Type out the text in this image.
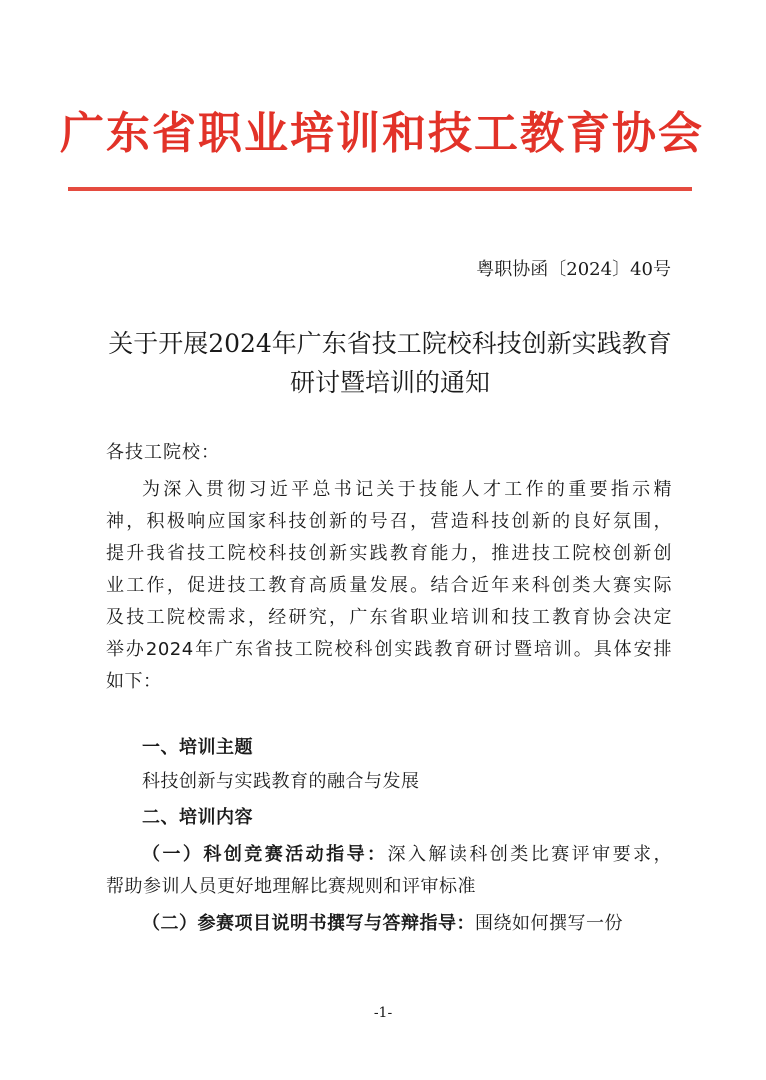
广东省职业培训和技工教育协会
粤职协函〔2024〕40号
关于开展2024年广东省技工院校科技创新实践教育
研讨暨培训的通知
各技工院校：
为深入贯彻习近平总书记关于技能人才工作的重要指示精
神，积极响应国家科技创新的号召，营造科技创新的良好氛围，
提升我省技工院校科技创新实践教育能力，推进技工院校创新创
业工作，促进技工教育高质量发展。结合近年来科创类大赛实际
及技工院校需求，经研究，广东省职业培训和技工教育协会决定
举办2024年广东省技工院校科创实践教育研讨暨培训。具体安排
如下：
一、培训主题
科技创新与实践教育的融合与发展
二、培训内容
（一）科创竞赛活动指导：深入解读科创类比赛评审要求，
帮助参训人员更好地理解比赛规则和评审标准
（二）参赛项目说明书撰写与答辩指导：围绕如何撰写一份
-1-
